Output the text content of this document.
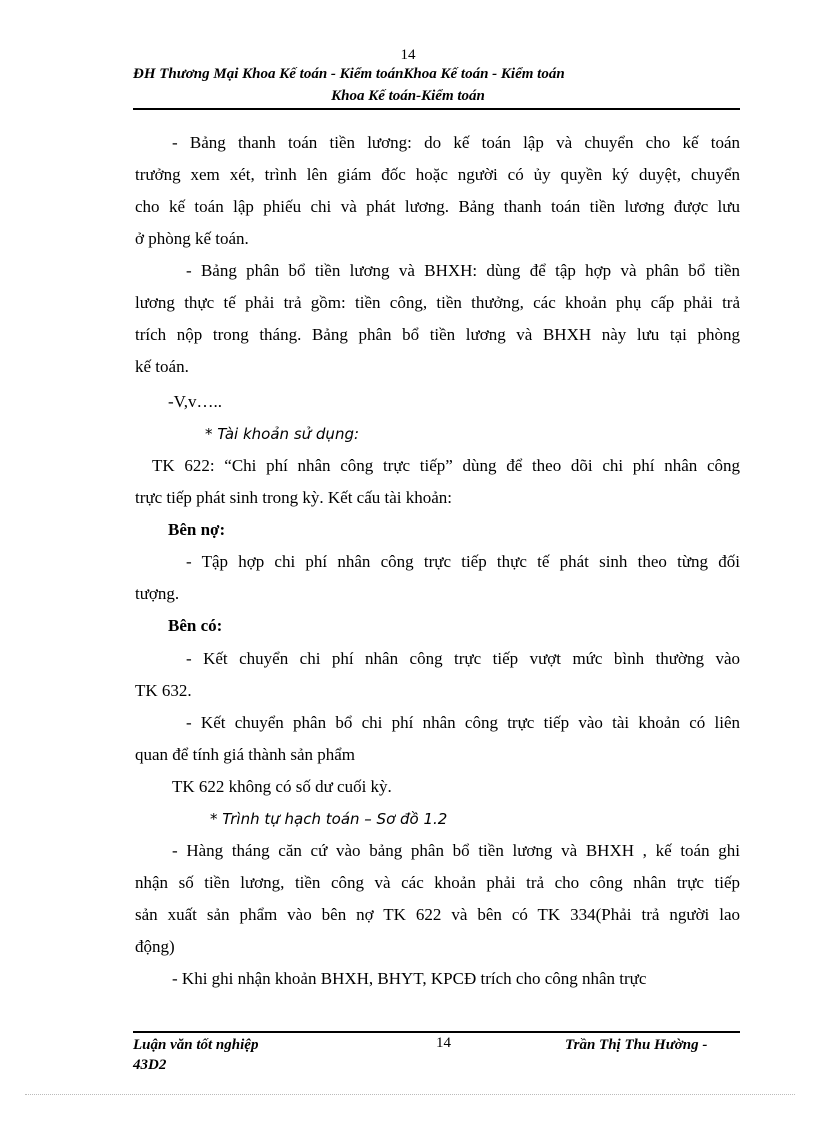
14
ĐH Thương Mại Khoa Kế toán - Kiểm toánKhoa Kế toán - Kiểm toán
Khoa Kế toán-Kiểm toán
- Bảng thanh toán tiền lương: do kế toán lập và chuyển cho kế toán
trưởng xem xét, trình lên giám đốc hoặc người có ủy quyền ký duyệt, chuyển
cho kế toán lập phiếu chi và phát lương. Bảng thanh toán tiền lương được lưu
ở phòng kế toán.
- Bảng phân bổ tiền lương và BHXH: dùng để tập hợp và phân bổ tiền
lương thực tế phải trả gồm: tiền công, tiền thưởng, các khoản phụ cấp phải trả
trích nộp trong tháng. Bảng phân bổ tiền lương và BHXH này lưu tại phòng
kế toán.
-V,v…..
* Tài khoản sử dụng:
TK 622: “Chi phí nhân công trực tiếp” dùng để theo dõi chi phí nhân công
trực tiếp phát sinh trong kỳ. Kết cấu tài khoản:
Bên nợ:
- Tập hợp chi phí nhân công trực tiếp thực tế phát sinh theo từng đối
tượng.
Bên có:
- Kết chuyển chi phí nhân công trực tiếp vượt mức bình thường vào
TK 632.
- Kết chuyển phân bổ chi phí nhân công trực tiếp vào tài khoản có liên
quan để tính giá thành sản phẩm
TK 622 không có số dư cuối kỳ.
* Trình tự hạch toán – Sơ đồ 1.2
- Hàng tháng căn cứ vào bảng phân bổ tiền lương và BHXH , kế toán ghi
nhận số tiền lương, tiền công và các khoản phải trả cho công nhân trực tiếp
sản xuất sản phẩm vào bên nợ TK 622 và bên có TK 334(Phải trả người lao
động)
- Khi ghi nhận khoản BHXH, BHYT, KPCĐ trích cho công nhân trực
Luận văn tốt nghiệp
43D2
14	Trần Thị Thu Hường -
